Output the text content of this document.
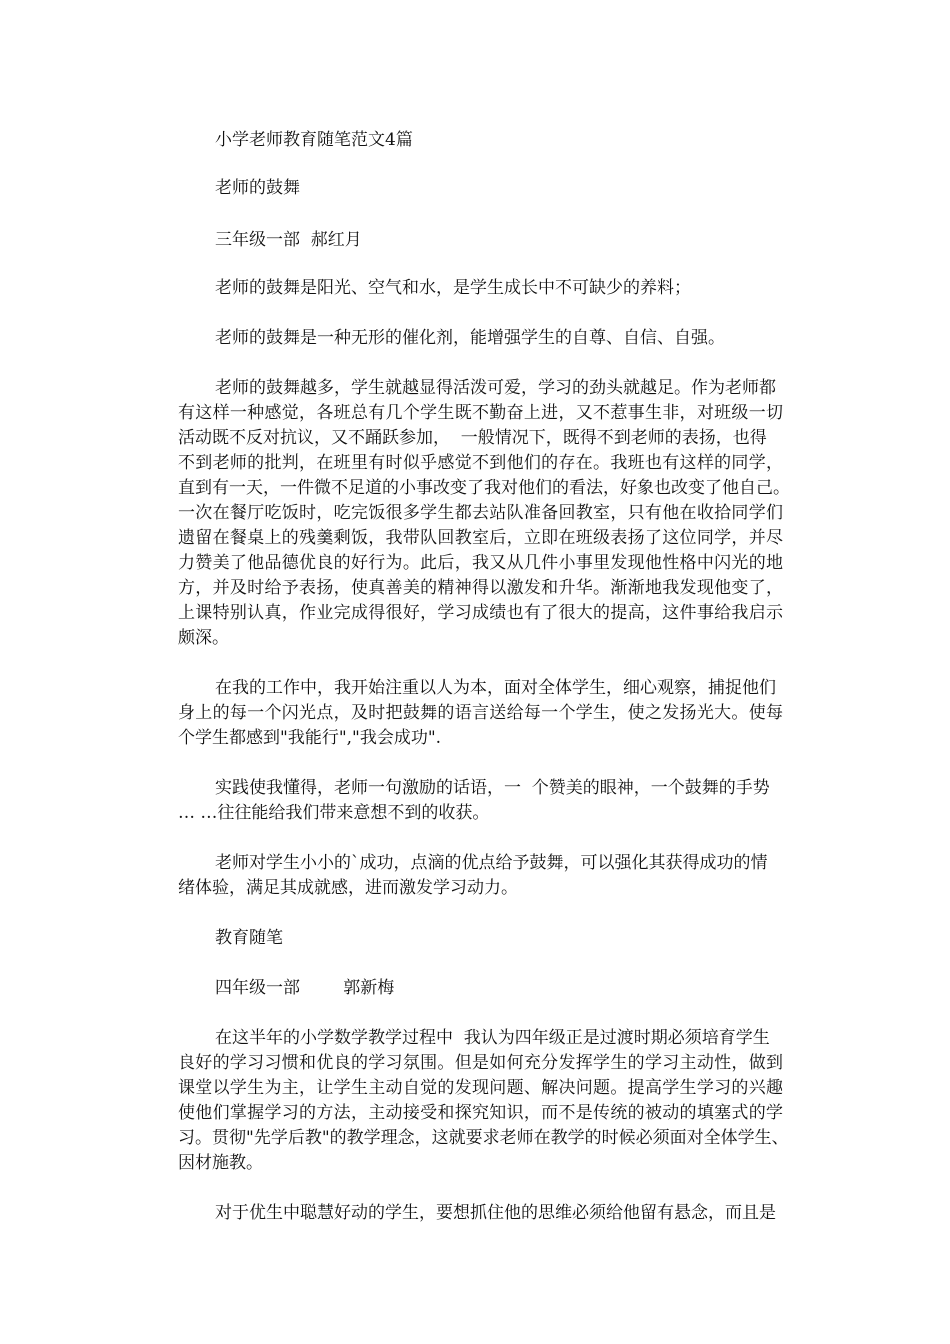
小学老师教育随笔范文4篇
老师的鼓舞
三年级一部  郝红月
老师的鼓舞是阳光、空气和水，是学生成长中不可缺少的养料；
老师的鼓舞是一种无形的催化剂，能增强学生的自尊、自信、自强。
老师的鼓舞越多，学生就越显得活泼可爱，学习的劲头就越足。作为老师都
有这样一种感觉，各班总有几个学生既不勤奋上进，又不惹事生非，对班级一切
活动既不反对抗议，又不踊跃参加，  一般情况下，既得不到老师的表扬，也得
不到老师的批判，在班里有时似乎感觉不到他们的存在。我班也有这样的同学，
直到有一天，一件微不足道的小事改变了我对他们的看法，好象也改变了他自己。
一次在餐厅吃饭时，吃完饭很多学生都去站队准备回教室，只有他在收拾同学们
遗留在餐桌上的残羹剩饭，我带队回教室后，立即在班级表扬了这位同学，并尽
力赞美了他品德优良的好行为。此后，我又从几件小事里发现他性格中闪光的地
方，并及时给予表扬，使真善美的精神得以激发和升华。渐渐地我发现他变了，
上课特别认真，作业完成得很好，学习成绩也有了很大的提高，这件事给我启示
颇深。
在我的工作中，我开始注重以人为本，面对全体学生，细心观察，捕捉他们
身上的每一个闪光点，及时把鼓舞的语言送给每一个学生，使之发扬光大。使每
个学生都感到"我能行","我会成功".
实践使我懂得，老师一句激励的话语，一  个赞美的眼神，一个鼓舞的手势
… …往往能给我们带来意想不到的收获。
老师对学生小小的`成功，点滴的优点给予鼓舞，可以强化其获得成功的情
绪体验，满足其成就感，进而激发学习动力。
教育随笔
四年级一部        郭新梅
在这半年的小学数学教学过程中  我认为四年级正是过渡时期必须培育学生
良好的学习习惯和优良的学习氛围。但是如何充分发挥学生的学习主动性，做到
课堂以学生为主，让学生主动自觉的发现问题、解决问题。提高学生学习的兴趣
使他们掌握学习的方法，主动接受和探究知识，而不是传统的被动的填塞式的学
习。贯彻"先学后教"的教学理念，这就要求老师在教学的时候必须面对全体学生、
因材施教。
对于优生中聪慧好动的学生，要想抓住他的思维必须给他留有悬念，而且是
